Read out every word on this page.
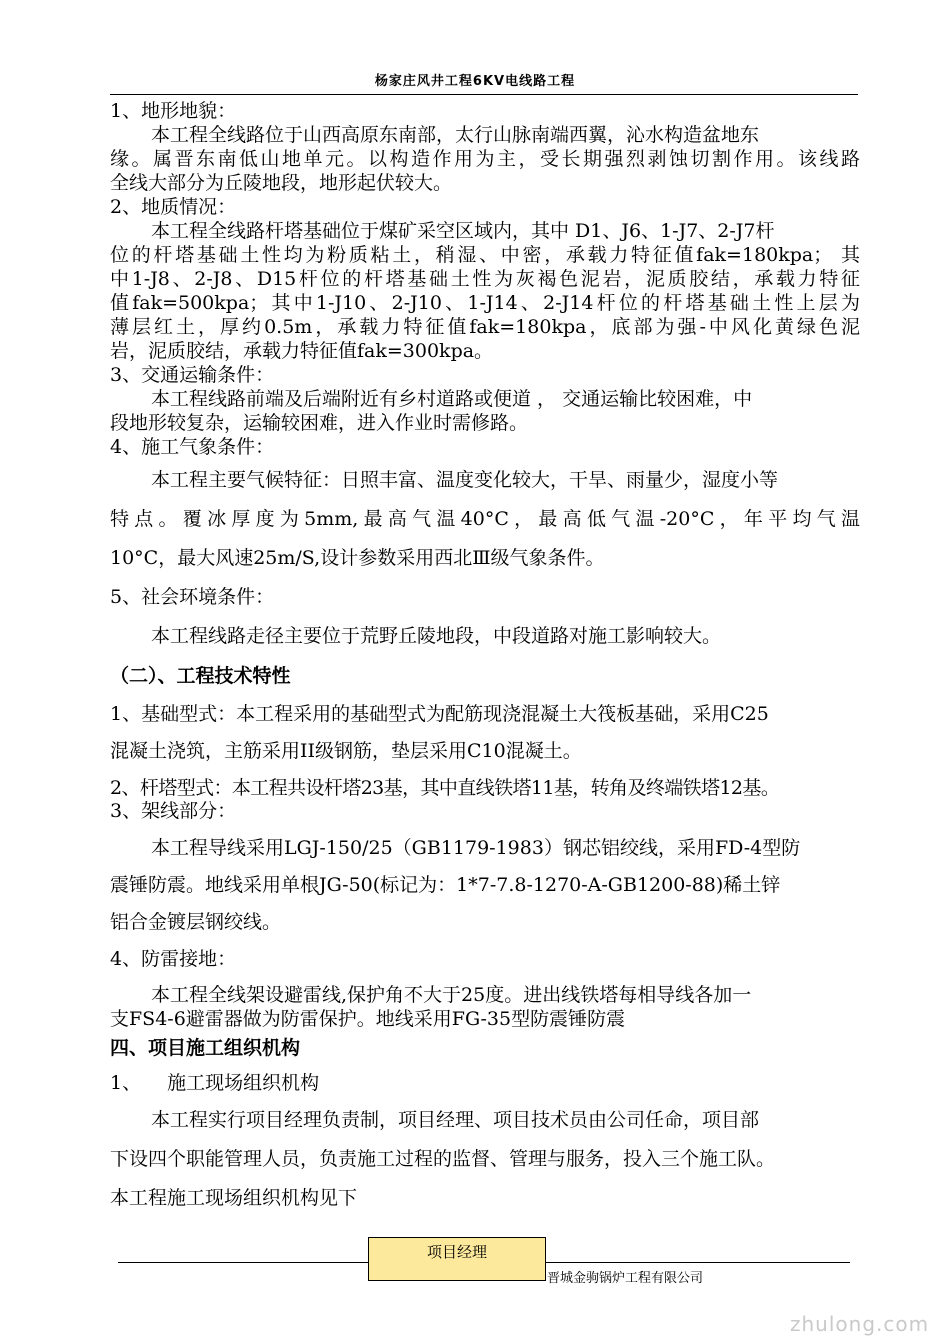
杨家庄风井工程6KV电线路工程
1、地形地貌：
本工程全线路位于山西高原东南部，太行山脉南端西翼，沁水构造盆地东
缘。属晋东南低山地单元。以构造作用为主，受长期强烈剥蚀切割作用。该线路
全线大部分为丘陵地段，地形起伏较大。
2、地质情况：
本工程全线路杆塔基础位于煤矿采空区域内，其中 D1、J6、1-J7、2-J7杆
位的杆塔基础土性均为粉质粘土，稍湿、中密，承载力特征值fak=180kpa； 其
中1-J8、2-J8、D15杆位的杆塔基础土性为灰褐色泥岩，泥质胶结，承载力特征
值fak=500kpa；其中1-J10、2-J10、1-J14、2-J14杆位的杆塔基础土性上层为
薄层红土，厚约0.5m，承载力特征值fak=180kpa，底部为强-中风化黄绿色泥
岩，泥质胶结，承载力特征值fak=300kpa。
3、交通运输条件：
本工程线路前端及后端附近有乡村道路或便道 ， 交通运输比较困难，中
段地形较复杂，运输较困难，进入作业时需修路。
4、施工气象条件：
本工程主要气候特征：日照丰富、温度变化较大，干旱、雨量少，湿度小等
特点。覆冰厚度为5mm,最高气温40°C，最高低气温-20°C，年平均气温
10°C，最大风速25m/S,设计参数采用西北Ⅲ级气象条件。
5、社会环境条件：
本工程线路走径主要位于荒野丘陵地段，中段道路对施工影响较大。
（二）、工程技术特性
1、基础型式：本工程采用的基础型式为配筋现浇混凝土大筏板基础，采用C25
混凝土浇筑，主筋采用ⅠⅠ级钢筋，垫层采用C10混凝土。
2、杆塔型式：本工程共设杆塔23基，其中直线铁塔11基，转角及终端铁塔12基。
3、架线部分：
本工程导线采用LGJ-150/25（GB1179-1983）钢芯铝绞线，采用FD-4型防
震锤防震。地线采用单根JG-50(标记为：1*7-7.8-1270-A-GB1200-88)稀土锌
铝合金镀层钢绞线。
4、防雷接地：
本工程全线架设避雷线,保护角不大于25度。进出线铁塔每相导线各加一
支FS4-6避雷器做为防雷保护。地线采用FG-35型防震锤防震
四、项目施工组织机构
1、 施工现场组织机构
本工程实行项目经理负责制，项目经理、项目技术员由公司任命，项目部
下设四个职能管理人员，负责施工过程的监督、管理与服务，投入三个施工队。
本工程施工现场组织机构见下
项目经理
晋城金驹锅炉工程有限公司
zhulong.com
